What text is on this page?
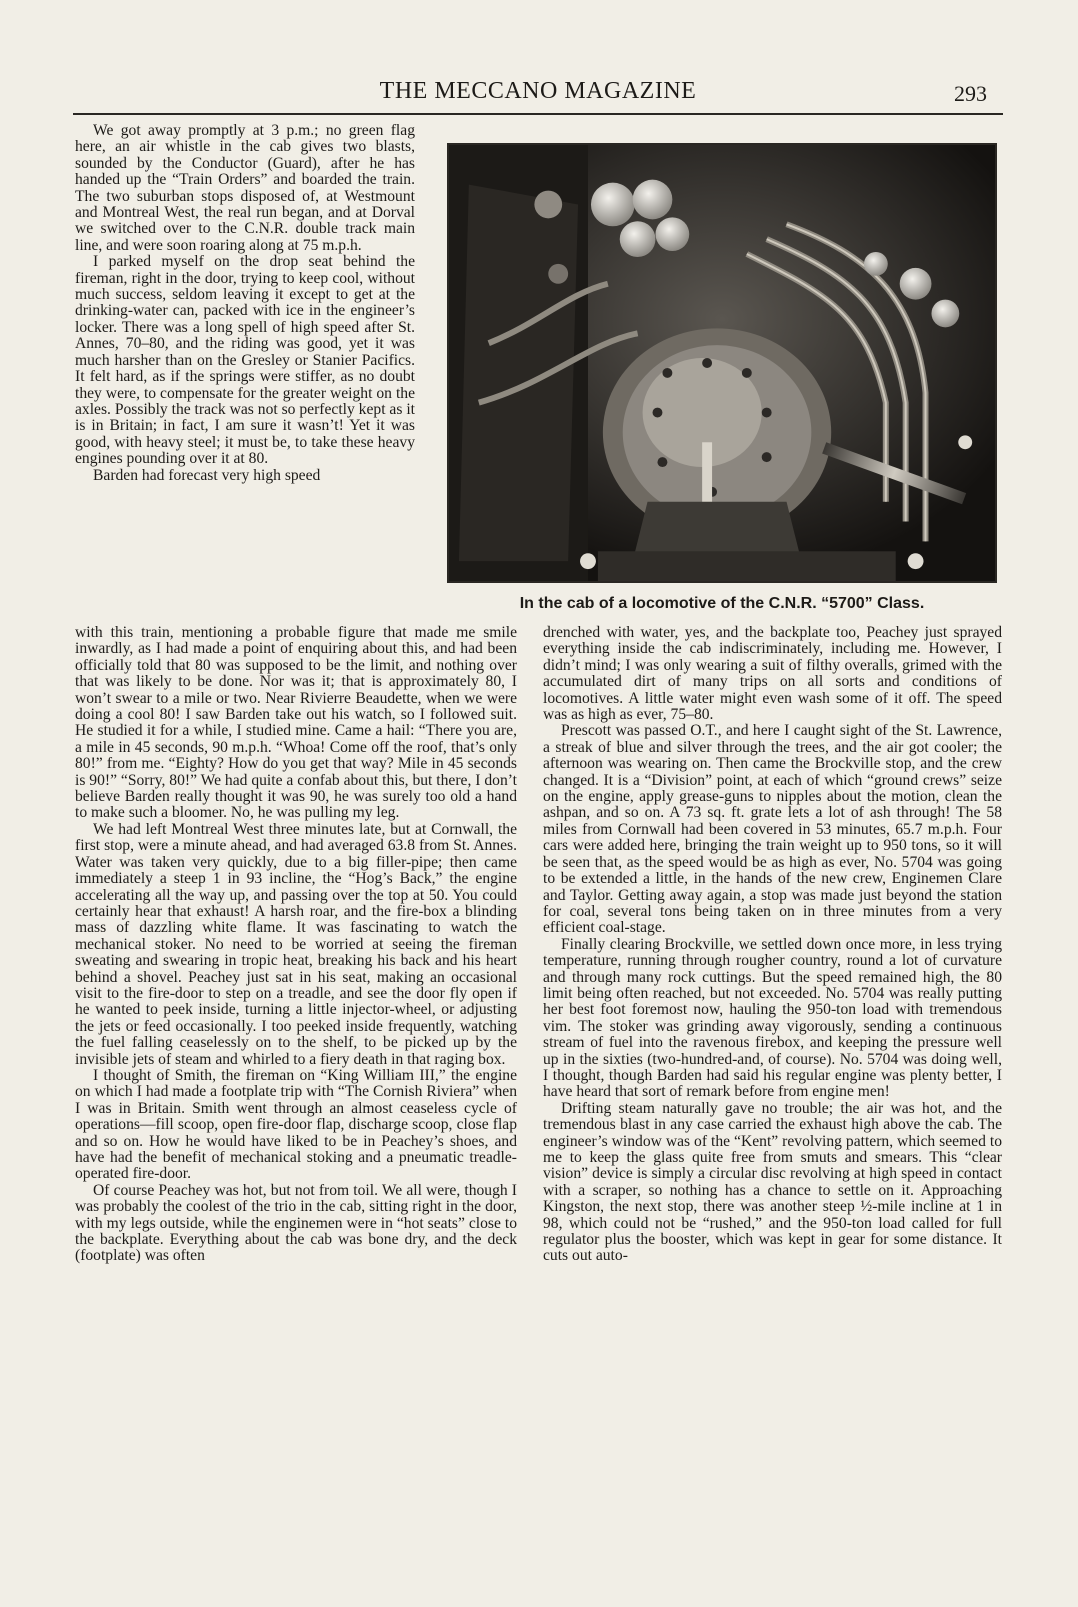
THE MECCANO MAGAZINE	293

We got away promptly at 3 p.m.; no green flag here, an air whistle in the cab gives two blasts, sounded by the Conductor (Guard), after he has handed up the “Train Orders” and boarded the train. The two suburban stops disposed of, at Westmount and Montreal West, the real run began, and at Dorval we switched over to the C.N.R. double track main line, and were soon roaring along at 75 m.p.h.

I parked myself on the drop seat behind the fireman, right in the door, trying to keep cool, without much success, seldom leaving it except to get at the drinking-water can, packed with ice in the engineer’s locker. There was a long spell of high speed after St. Annes, 70–80, and the riding was good, yet it was much harsher than on the Gresley or Stanier Pacifics. It felt hard, as if the springs were stiffer, as no doubt they were, to compensate for the greater weight on the axles. Possibly the track was not so perfectly kept as it is in Britain; in fact, I am sure it wasn’t! Yet it was good, with heavy steel; it must be, to take these heavy engines pounding over it at 80.

Barden had forecast very high speed

In the cab of a locomotive of the C.N.R. “5700” Class.

with this train, mentioning a probable figure that made me smile inwardly, as I had made a point of enquiring about this, and had been officially told that 80 was supposed to be the limit, and nothing over that was likely to be done. Nor was it; that is approximately 80, I won’t swear to a mile or two. Near Rivierre Beaudette, when we were doing a cool 80! I saw Barden take out his watch, so I followed suit. He studied it for a while, I studied mine. Came a hail: “There you are, a mile in 45 seconds, 90 m.p.h. “Whoa! Come off the roof, that’s only 80!” from me. “Eighty? How do you get that way? Mile in 45 seconds is 90!” “Sorry, 80!” We had quite a confab about this, but there, I don’t believe Barden really thought it was 90, he was surely too old a hand to make such a bloomer. No, he was pulling my leg.

We had left Montreal West three minutes late, but at Cornwall, the first stop, were a minute ahead, and had averaged 63.8 from St. Annes. Water was taken very quickly, due to a big filler-pipe; then came immediately a steep 1 in 93 incline, the “Hog’s Back,” the engine accelerating all the way up, and passing over the top at 50. You could certainly hear that exhaust! A harsh roar, and the fire-box a blinding mass of dazzling white flame. It was fascinating to watch the mechanical stoker. No need to be worried at seeing the fireman sweating and swearing in tropic heat, breaking his back and his heart behind a shovel. Peachey just sat in his seat, making an occasional visit to the fire-door to step on a treadle, and see the door fly open if he wanted to peek inside, turning a little injector-wheel, or adjusting the jets or feed occasionally. I too peeked inside frequently, watching the fuel falling ceaselessly on to the shelf, to be picked up by the invisible jets of steam and whirled to a fiery death in that raging box.

I thought of Smith, the fireman on “King William III,” the engine on which I had made a footplate trip with “The Cornish Riviera” when I was in Britain. Smith went through an almost ceaseless cycle of operations—fill scoop, open fire-door flap, discharge scoop, close flap and so on. How he would have liked to be in Peachey’s shoes, and have had the benefit of mechanical stoking and a pneumatic treadle-operated fire-door.

Of course Peachey was hot, but not from toil. We all were, though I was probably the coolest of the trio in the cab, sitting right in the door, with my legs outside, while the enginemen were in “hot seats” close to the backplate. Everything about the cab was bone dry, and the deck (footplate) was often

drenched with water, yes, and the backplate too, Peachey just sprayed everything inside the cab indiscriminately, including me. However, I didn’t mind; I was only wearing a suit of filthy overalls, grimed with the accumulated dirt of many trips on all sorts and conditions of locomotives. A little water might even wash some of it off. The speed was as high as ever, 75–80.

Prescott was passed O.T., and here I caught sight of the St. Lawrence, a streak of blue and silver through the trees, and the air got cooler; the afternoon was wearing on. Then came the Brockville stop, and the crew changed. It is a “Division” point, at each of which “ground crews” seize on the engine, apply grease-guns to nipples about the motion, clean the ashpan, and so on. A 73 sq. ft. grate lets a lot of ash through! The 58 miles from Cornwall had been covered in 53 minutes, 65.7 m.p.h. Four cars were added here, bringing the train weight up to 950 tons, so it will be seen that, as the speed would be as high as ever, No. 5704 was going to be extended a little, in the hands of the new crew, Enginemen Clare and Taylor. Getting away again, a stop was made just beyond the station for coal, several tons being taken on in three minutes from a very efficient coal-stage.

Finally clearing Brockville, we settled down once more, in less trying temperature, running through rougher country, round a lot of curvature and through many rock cuttings. But the speed remained high, the 80 limit being often reached, but not exceeded. No. 5704 was really putting her best foot foremost now, hauling the 950-ton load with tremendous vim. The stoker was grinding away vigorously, sending a continuous stream of fuel into the ravenous firebox, and keeping the pressure well up in the sixties (two-hundred-and, of course). No. 5704 was doing well, I thought, though Barden had said his regular engine was plenty better, I have heard that sort of remark before from engine men!

Drifting steam naturally gave no trouble; the air was hot, and the tremendous blast in any case carried the exhaust high above the cab. The engineer’s window was of the “Kent” revolving pattern, which seemed to me to keep the glass quite free from smuts and smears. This “clear vision” device is simply a circular disc revolving at high speed in contact with a scraper, so nothing has a chance to settle on it. Approaching Kingston, the next stop, there was another steep ½-mile incline at 1 in 98, which could not be “rushed,” and the 950-ton load called for full regulator plus the booster, which was kept in gear for some distance. It cuts out auto-
